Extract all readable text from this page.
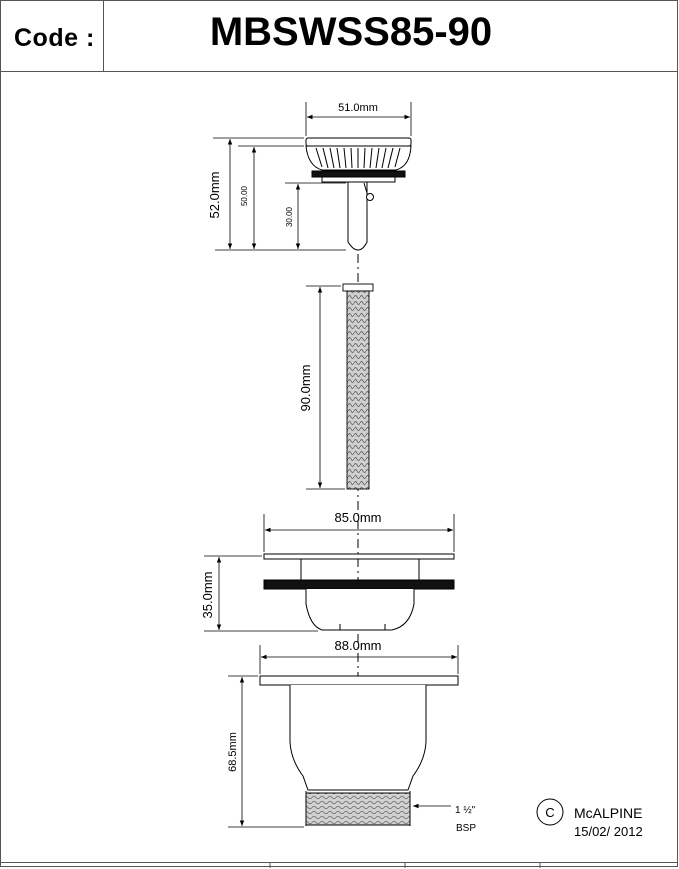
Code :	MBSWSS85-90
51.0mm
52.0mm 50.00
30.00
90.0mm
85.0mm
35.0mm
88.0mm
68.5mm
1 ½"
BSP
C McALPINE
15/02/ 2012
